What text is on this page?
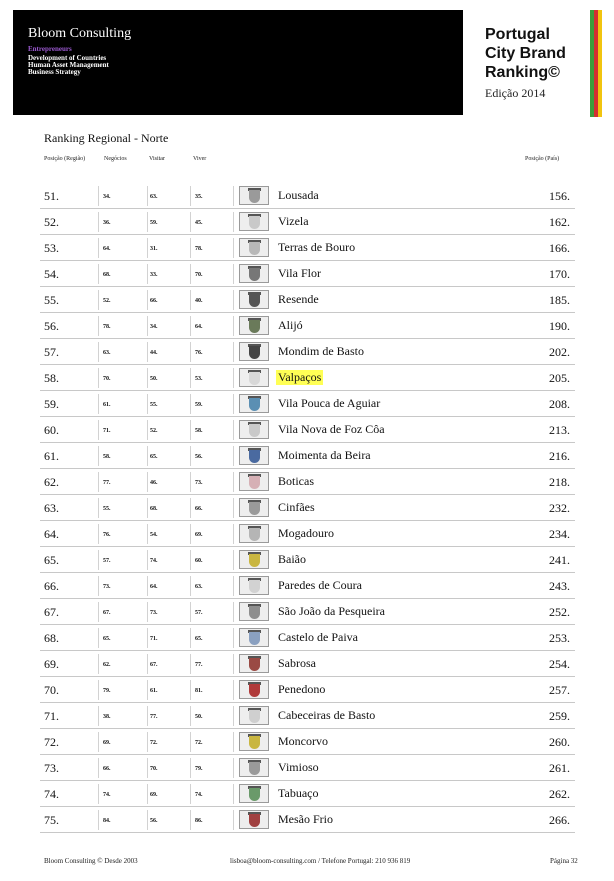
Bloom Consulting
Entrepreneurs
Development of Countries
Human Asset Management
Business Strategy
Portugal
City Brand
Ranking©
Edição 2014
Ranking Regional - Norte
Posição (Região)	Negócios	Visitar	Viver	Posição (País)
51.	34.	63.	35.	Lousada	156.
52.	36.	59.	45.	Vizela	162.
53.	64.	31.	78.	Terras de Bouro	166.
54.	68.	33.	70.	Vila Flor	170.
55.	52.	66.	40.	Resende	185.
56.	78.	34.	64.	Alijó	190.
57.	63.	44.	76.	Mondim de Basto	202.
58.	70.	50.	53.	Valpaços	205.
59.	61.	55.	59.	Vila Pouca de Aguiar	208.
60.	71.	52.	58.	Vila Nova de Foz Côa	213.
61.	58.	65.	56.	Moimenta da Beira	216.
62.	77.	46.	73.	Boticas	218.
63.	55.	68.	66.	Cinfães	232.
64.	76.	54.	69.	Mogadouro	234.
65.	57.	74.	60.	Baião	241.
66.	73.	64.	63.	Paredes de Coura	243.
67.	67.	73.	57.	São João da Pesqueira	252.
68.	65.	71.	65.	Castelo de Paiva	253.
69.	62.	67.	77.	Sabrosa	254.
70.	79.	61.	81.	Penedono	257.
71.	38.	77.	50.	Cabeceiras de Basto	259.
72.	69.	72.	72.	Moncorvo	260.
73.	66.	70.	79.	Vimioso	261.
74.	74.	69.	74.	Tabuaço	262.
75.	84.	56.	86.	Mesão Frio	266.
Bloom Consulting © Desde 2003	lisboa@bloom-consulting.com / Telefone Portugal: 210 936 819	Página 32
